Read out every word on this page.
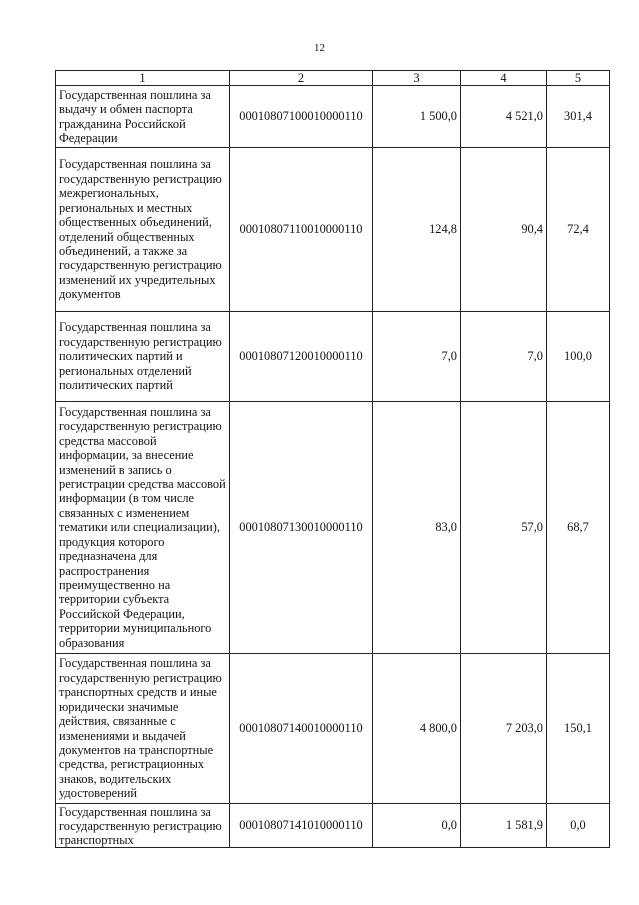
12
1	2	3	4	5
Государственная пошлина за выдачу и обмен паспорта гражданина Российской Федерации	00010807100010000110	1 500,0	4 521,0	301,4
Государственная пошлина за государственную регистрацию межрегиональных, региональных и местных общественных объединений, отделений общественных объединений, а также за государственную регистрацию изменений их учредительных документов	00010807110010000110	124,8	90,4	72,4
Государственная пошлина за государственную регистрацию политических партий и региональных отделений политических партий	00010807120010000110	7,0	7,0	100,0
Государственная пошлина за государственную регистрацию средства массовой информации, за внесение изменений в запись о регистрации средства массовой информации (в том числе связанных с изменением тематики или специализации), продукция которого предназначена для распространения преимущественно на территории субъекта Российской Федерации, территории муниципального образования	00010807130010000110	83,0	57,0	68,7
Государственная пошлина за государственную регистрацию транспортных средств и иные юридически значимые действия, связанные с изменениями и выдачей документов на транспортные средства, регистрационных знаков, водительских удостоверений	00010807140010000110	4 800,0	7 203,0	150,1

Государственная пошлина за государственную регистрацию транспортных	00010807141010000110	0,0	1 581,9	0,0
